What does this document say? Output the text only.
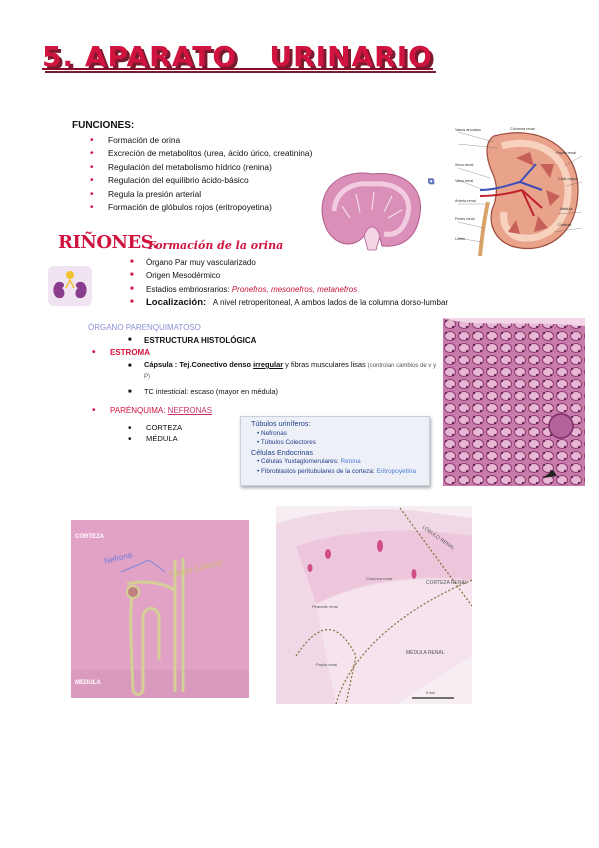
5. APARATO   URINARIO
FUNCIONES:
• Formación de orina
• Excreción de metabolitos (urea, ácido úrico, creatinina)
• Regulación del metabolismo hídrico (renina)
• Regulación del equilibrio ácido-básico
• Regula la presión arterial
• Formación de glóbulos rojos (eritropoyetina)
⧉
Vasos arcuatos	Columna renal
Seno renal
Vena renal
Arteria renal
Pelvis renal
Uréter
Papila renal
Cáliz mayor
Médula
Corteza
RIÑONES.
Formación de la orina
■ Órgano Par muy vascularizado
■ Origen Mesodérmico
■ Estadios embriosrarios: Pronefros, mesonefros, metanefros
■ Localización: A nivel retroperitoneal, A ambos lados de la columna dorso-lumbar
ÓRGANO PARENQUIMATOSO
■ ESTRUCTURA HISTOLÓGICA
• ESTROMA
■ Cápsula : Tej.Conectivo denso irregular y fibras musculares lisas (controlan cambios de v y P)
■ TC intesticial: escaso (mayor en médula)
• PARÉNQUIMA: NEFRONAS
• CORTEZA
• MÉDULA
Túbulos uriníferos:
• Nefronas
• Túbulos Colectores
Células Endocrinas
• Células Yuxtaglomerulares: Renina
• Fibroblastos peritubulares de la corteza: Eritropoyetina
CORTEZA
MEDULA
Nefrona	Túbulo Colector
LÓBULO RENAL
CORTEZA RENAL
MÉDULA RENAL
Columna renal
Pirámide renal
Papila renal
5 mm
